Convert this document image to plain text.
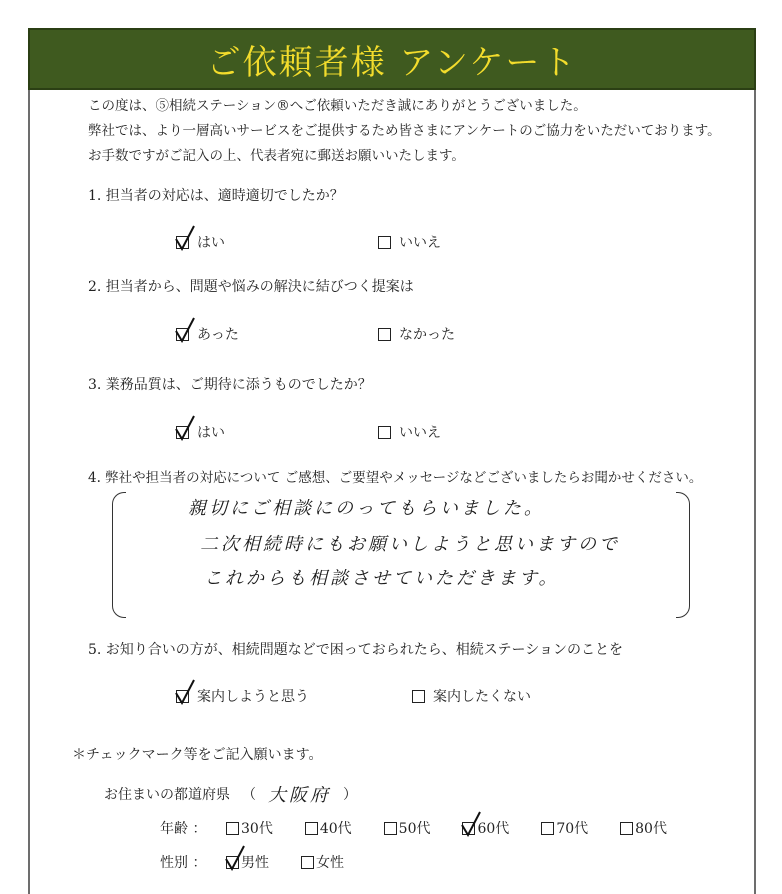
ご依頼者様 アンケート
この度は、⑤相続ステーション®へご依頼いただき誠にありがとうございました。
弊社では、より一層高いサービスをご提供するため皆さまにアンケートのご協力をいただいております。
お手数ですがご記入の上、代表者宛に郵送お願いいたします。
1. 担当者の対応は、適時適切でしたか？
はい	いいえ
2. 担当者から、問題や悩みの解決に結びつく提案は
あった	なかった
3. 業務品質は、ご期待に添うものでしたか？
はい	いいえ
4. 弊社や担当者の対応について ご感想、ご要望やメッセージなどございましたらお聞かせください。
親切にご相談にのってもらいました。
二次相続時にもお願いしようと思いますので
これからも相談させていただきます。
5. お知り合いの方が、相続問題などで困っておられたら、相続ステーションのことを
案内しようと思う	案内したくない
＊チェックマーク等をご記入願います。
お住まいの都道府県 （ 大阪府 ）
年齢 ：	30代	40代	50代	60代	70代	80代
性別 ：	男性	女性
